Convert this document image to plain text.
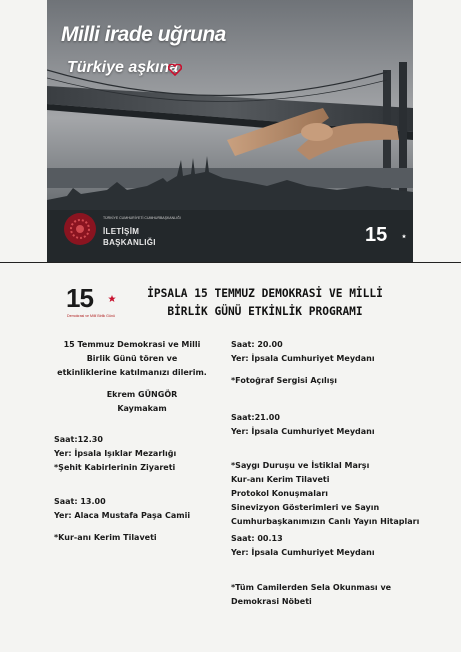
Milli irade uğruna
Türkiye aşkına
TÜRKİYE CUMHURİYETİ CUMHURBAŞKANLIĞI
İLETİŞİM
BAŞKANLIĞI	15
15
Demokrasi ve Millî Birlik Günü
İPSALA 15 TEMMUZ DEMOKRASİ VE MİLLİ
BİRLİK GÜNÜ ETKİNLİK PROGRAMI
15 Temmuz Demokrasi ve Milli
Birlik Günü tören ve
etkinliklerine katılmanızı dilerim.
Ekrem GÜNGÖR
Kaymakam
Saat:12.30
Yer: İpsala Işıklar Mezarlığı
*Şehit Kabirlerinin Ziyareti
Saat: 13.00
Yer: Alaca Mustafa Paşa Camii
*Kur-anı Kerim Tilaveti
Saat: 20.00
Yer: İpsala Cumhuriyet Meydanı
*Fotoğraf Sergisi Açılışı
Saat:21.00
Yer: İpsala Cumhuriyet Meydanı
*Saygı Duruşu ve İstiklal Marşı
Kur-anı Kerim Tilaveti
Protokol Konuşmaları
Sinevizyon Gösterimleri ve Sayın
Cumhurbaşkanımızın Canlı Yayın Hitapları
Saat: 00.13
Yer: İpsala Cumhuriyet Meydanı
*Tüm Camilerden Sela Okunması ve
Demokrasi Nöbeti
